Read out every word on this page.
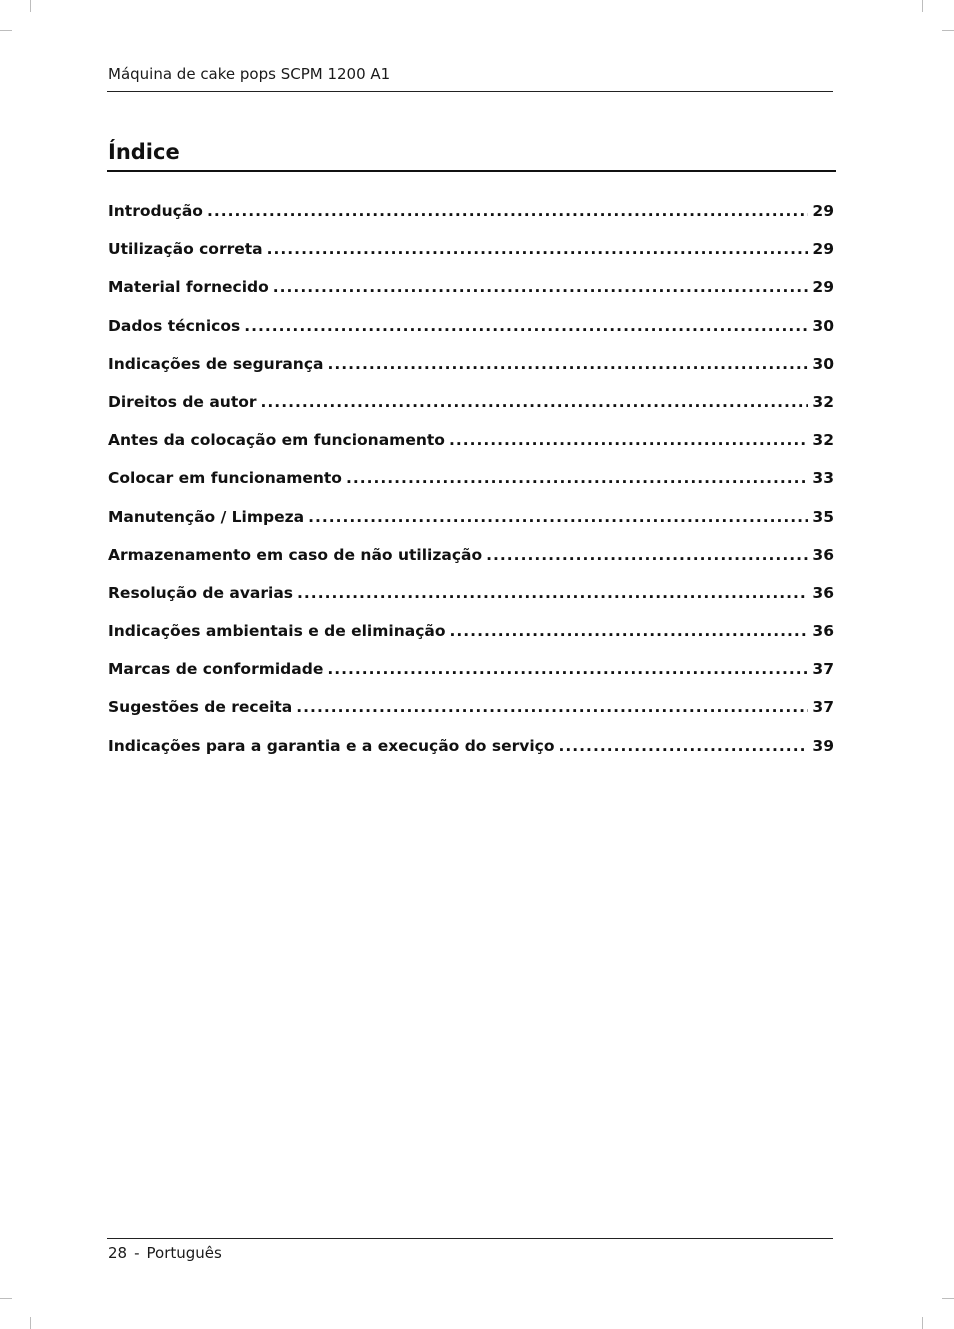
Máquina de cake pops SCPM 1200 A1
Índice
Introdução .....	29
Utilização correta .....	29
Material fornecido .....	29
Dados técnicos .....	30
Indicações de segurança .....	30
Direitos de autor .....	32
Antes da colocação em funcionamento .....	32
Colocar em funcionamento .....	33
Manutenção / Limpeza .....	35
Armazenamento em caso de não utilização .....	36
Resolução de avarias .....	36
Indicações ambientais e de eliminação .....	36
Marcas de conformidade .....	37
Sugestões de receita .....	37
Indicações para a garantia e a execução do serviço .....	39
28 - Português
